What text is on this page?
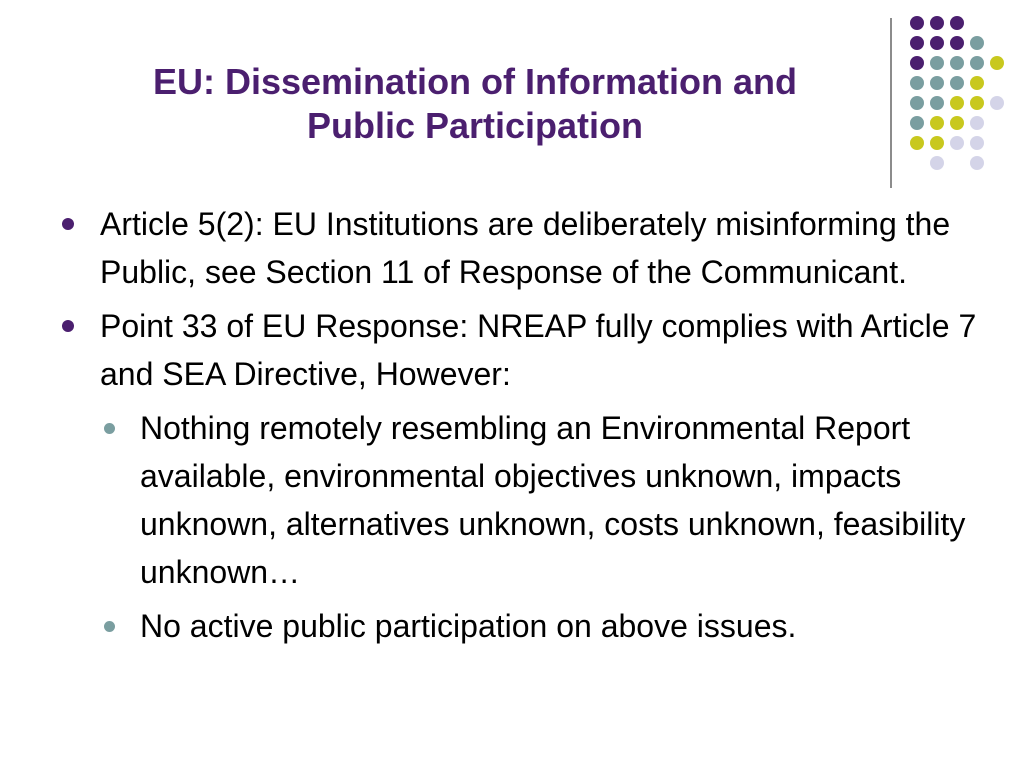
EU: Dissemination of Information and
Public Participation
Article 5(2): EU Institutions are deliberately misinforming the Public, see Section 11 of Response of the Communicant.
Point 33 of EU Response: NREAP fully complies with Article 7 and SEA Directive, However:
Nothing remotely resembling an Environmental Report available, environmental objectives unknown, impacts unknown, alternatives unknown, costs unknown, feasibility unknown…
No active public participation on above issues.
